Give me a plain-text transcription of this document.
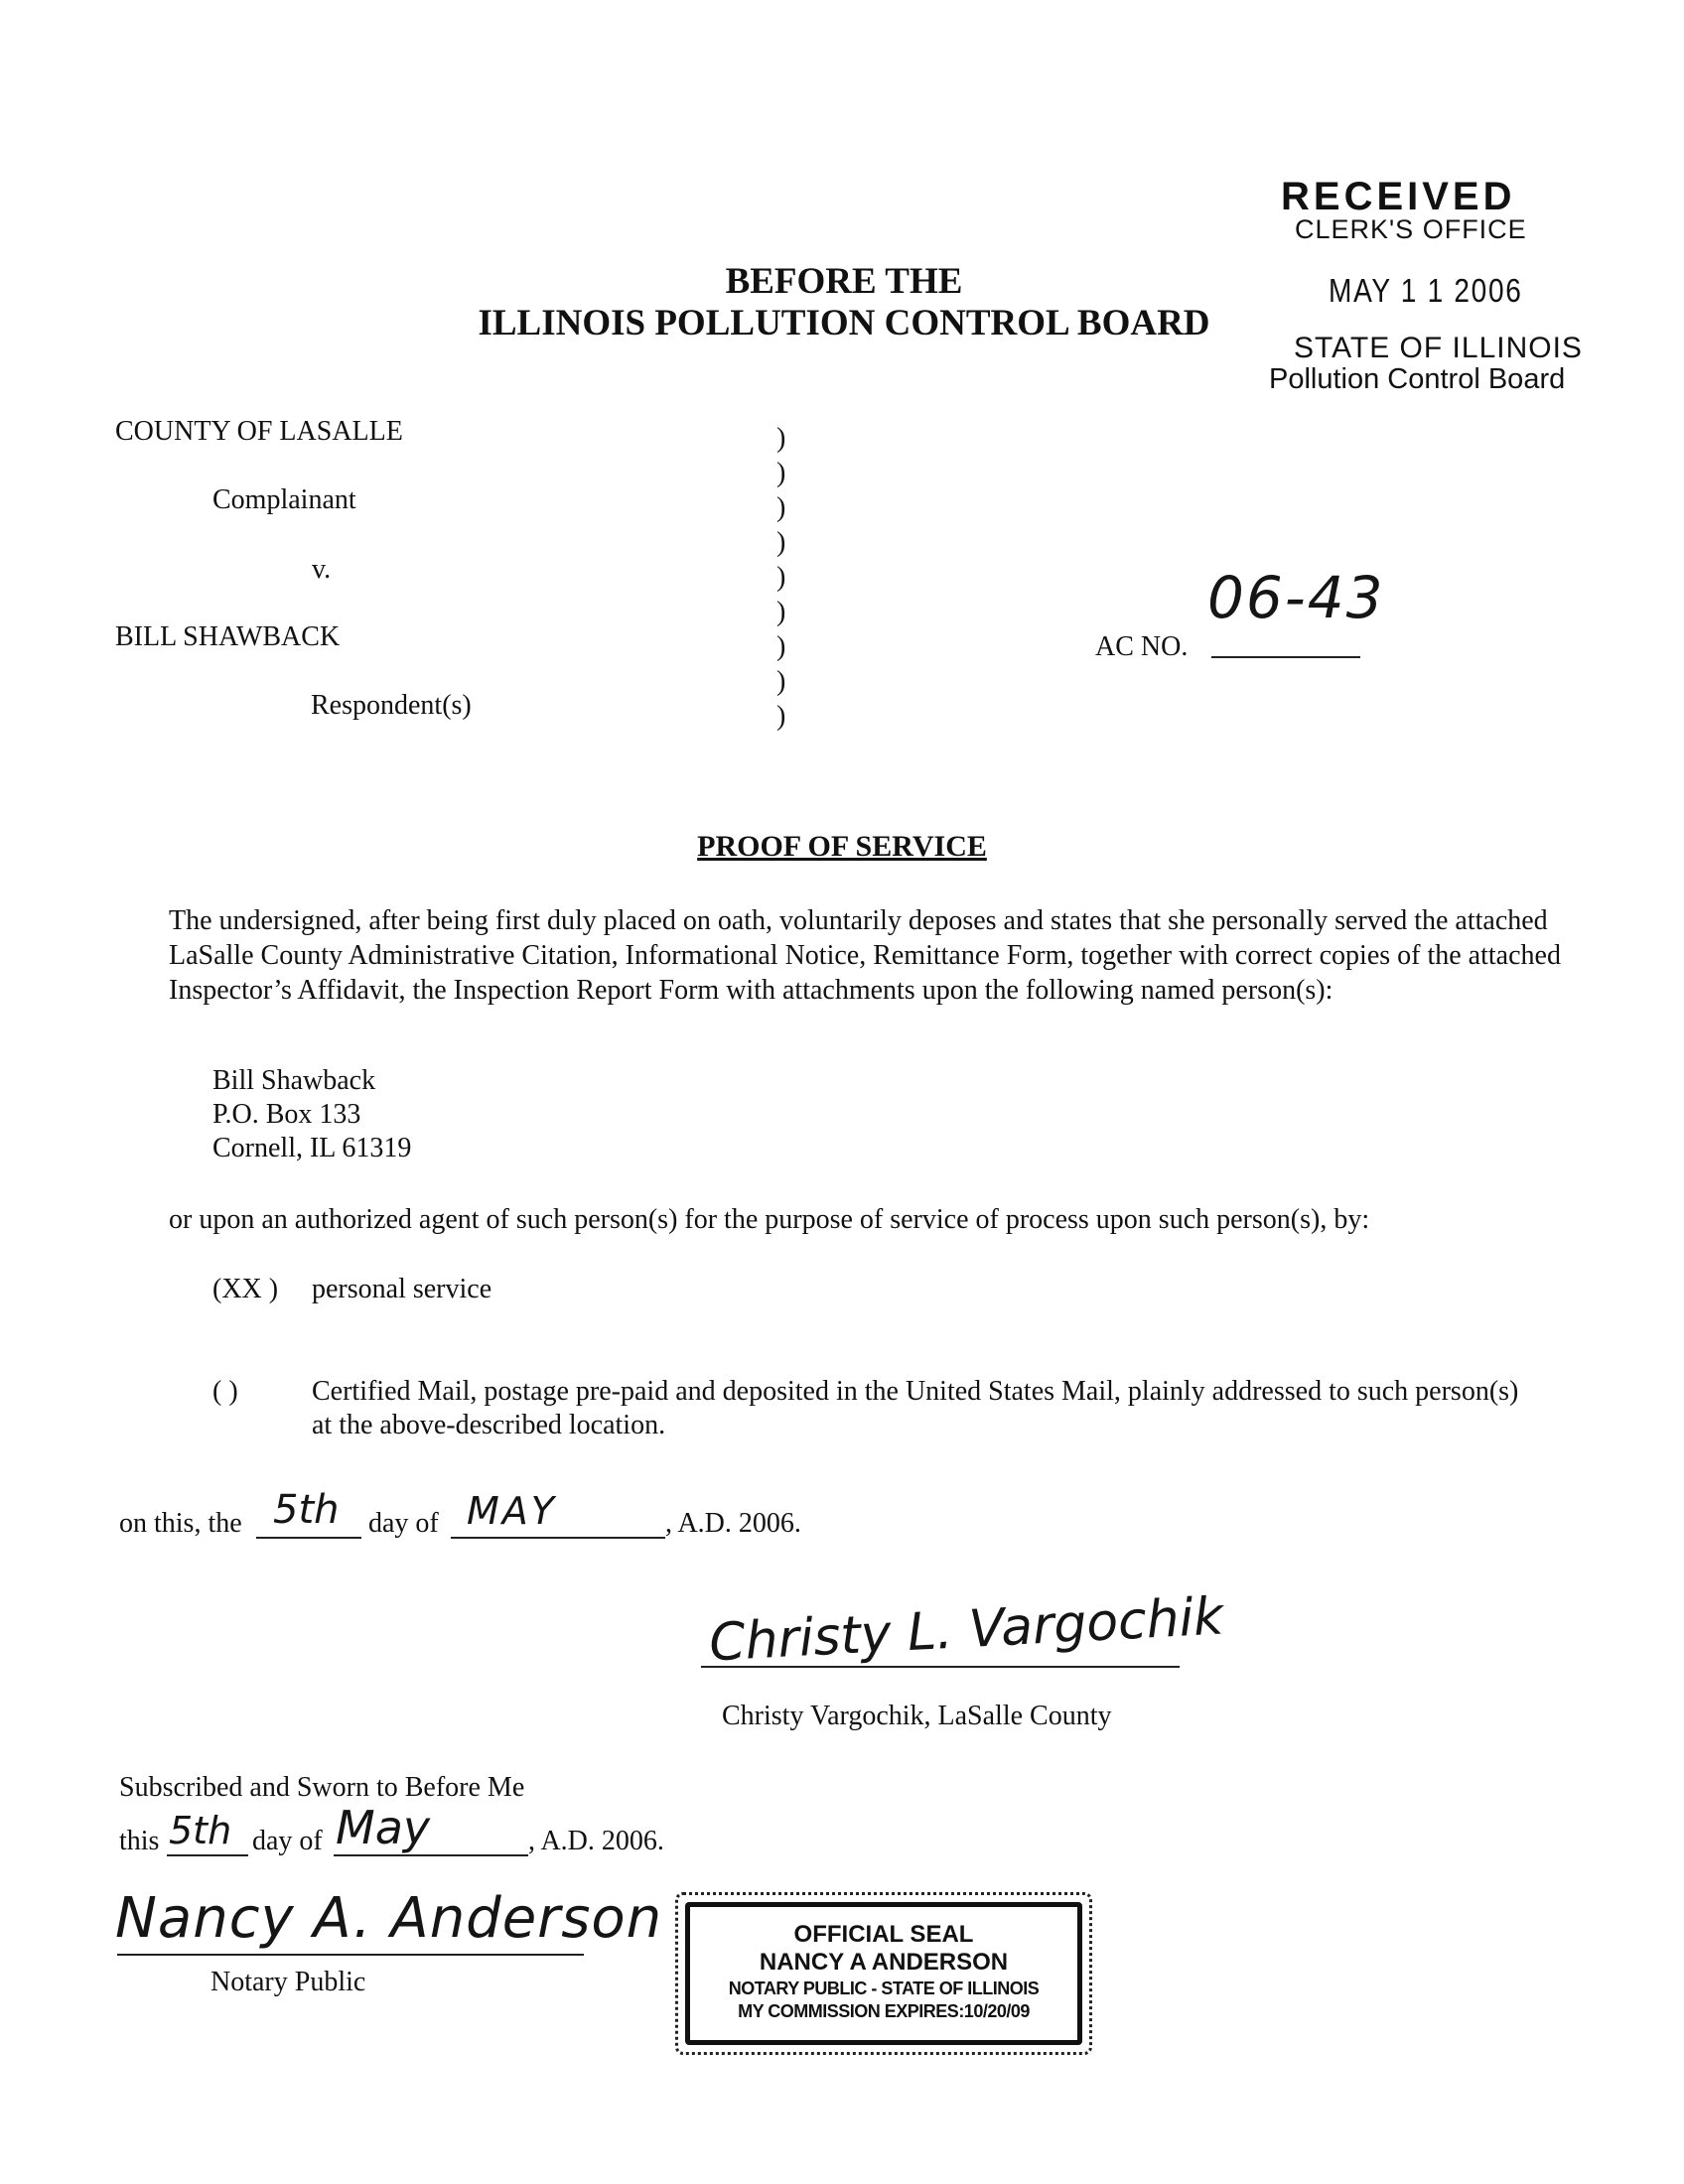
RECEIVED
CLERK'S OFFICE
MAY 1 1 2006
STATE OF ILLINOIS
Pollution Control Board
BEFORE THE
ILLINOIS POLLUTION CONTROL BOARD
COUNTY OF LASALLE
Complainant
v.
BILL SHAWBACK
Respondent(s)
)
)
)
)
)
)
)
)
)
AC NO.
06-43
PROOF OF SERVICE
The undersigned, after being first duly placed on oath, voluntarily deposes and states that she personally served the attached LaSalle County Administrative Citation, Informational Notice, Remittance Form, together with correct copies of the attached Inspector’s Affidavit, the Inspection Report Form with attachments upon the following named person(s):
Bill Shawback
P.O. Box 133
Cornell, IL 61319
or upon an authorized agent of such person(s) for the purpose of service of process upon such person(s), by:
(XX ) personal service
( )	Certified Mail, postage pre-paid and deposited in the United States Mail, plainly addressed to such person(s) at the above-described location.
on this, the 5th day of MAY	, A.D. 2006.
Christy L. Vargochik
Christy Vargochik, LaSalle County
Subscribed and Sworn to Before Me
this 5th day of May	, A.D. 2006.
Nancy A. Anderson
Notary Public
OFFICIAL SEAL
NANCY A ANDERSON
NOTARY PUBLIC - STATE OF ILLINOIS
MY COMMISSION EXPIRES:10/20/09
